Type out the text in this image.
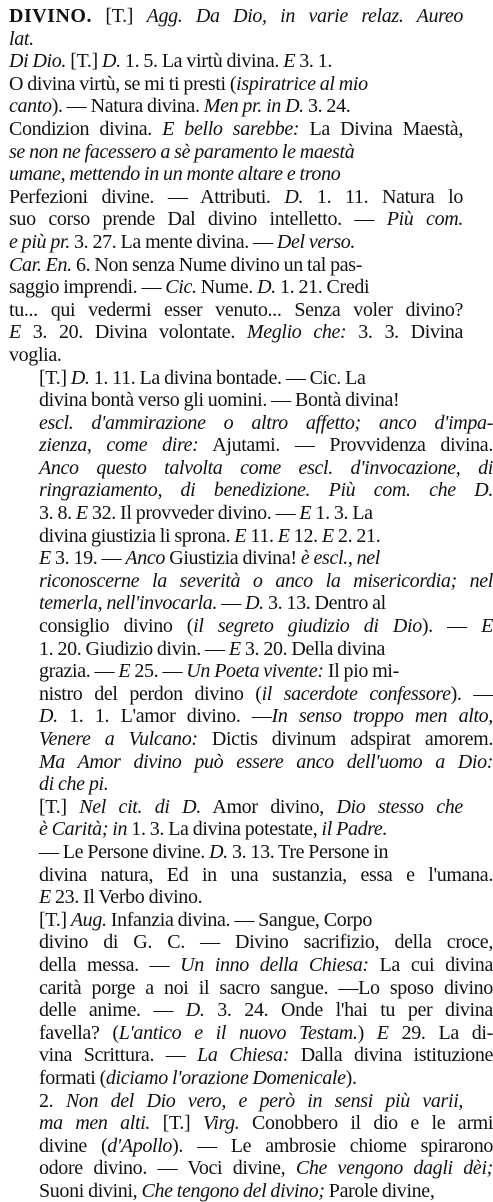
DIVINO. [T.] Agg. Da Dio, in varie relaz. Aureo
lat.
Di Dio. [T.] D. 1. 5. La virtù divina. E 3. 1.
O divina virtù, se mi ti presti (ispiratrice al mio
canto). — Natura divina. Men pr. in D. 3. 24.
Condizion divina. E bello sarebbe: La Divina Maestà,
se non ne facessero a sè paramento le maestà
umane, mettendo in un monte altare e trono
Perfezioni divine. — Attributi. D. 1. 11. Natura lo
suo corso prende Dal divino intelletto. — Più com.
e più pr. 3. 27. La mente divina. — Del verso.
Car. En. 6. Non senza Nume divino un tal pas-
saggio imprendi. — Cic. Nume. D. 1. 21. Credi
tu... qui vedermi esser venuto... Senza voler divino?
E 3. 20. Divina volontate. Meglio che: 3. 3. Divina
voglia.

[T.] D. 1. 11. La divina bontade. — Cic. La
divina bontà verso gli uomini. — Bontà divina!
escl. d'ammirazione o altro affetto; anco d'impa-
zienza, come dire: Ajutami. — Provvidenza divina.
Anco questo talvolta come escl. d'invocazione, di
ringraziamento, di benedizione. Più com. che D.
3. 8. E 32. Il provveder divino. — E 1. 3. La
divina giustizia li sprona. E 11. E 12. E 2. 21.
E 3. 19. — Anco Giustizia divina! è escl., nel
riconoscerne la severità o anco la misericordia; nel
temerla, nell'invocarla. — D. 3. 13. Dentro al
consiglio divino (il segreto giudizio di Dio). — E
1. 20. Giudizio divin. — E 3. 20. Della divina
grazia. — E 25. — Un Poeta vivente: Il pio mi-
nistro del perdon divino (il sacerdote confessore). —
D. 1. 1. L'amor divino. —In senso troppo men alto,
Venere a Vulcano: Dictis divinum adspirat amorem.
Ma Amor divino può essere anco dell'uomo a Dio:
di che pi.

[T.] Nel cit. di D. Amor divino, Dio stesso che
è Carità; in 1. 3. La divina potestate, il Padre.
— Le Persone divine. D. 3. 13. Tre Persone in
divina natura, Ed in una sustanzia, essa e l'umana.
E 23. Il Verbo divino.

[T.] Aug. Infanzia divina. — Sangue, Corpo
divino di G. C. — Divino sacrifizio, della croce,
della messa. — Un inno della Chiesa: La cui divina
carità porge a noi il sacro sangue. —Lo sposo divino
delle anime. — D. 3. 24. Onde l'hai tu per divina
favella? (L'antico e il nuovo Testam.) E 29. La di-
vina Scrittura. — La Chiesa: Dalla divina istituzione
formati (diciamo l'orazione Domenicale).

2. Non del Dio vero, e però in sensi più varii,
ma men alti. [T.] Virg. Conobbero il dio e le armi
divine (d'Apollo). — Le ambrosie chiome spirarono
odore divino. — Voci divine, Che vengono dagli dèi;
Suoni divini, Che tengono del divino; Parole divine,
